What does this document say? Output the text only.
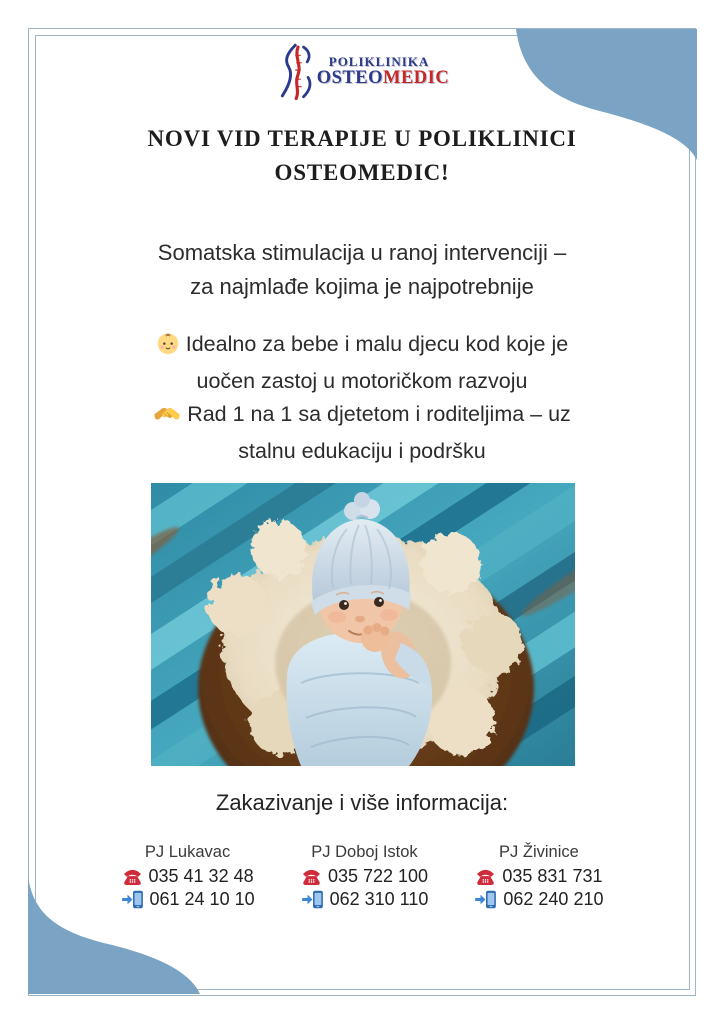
POLIKLINIKA
OSTEOMEDIC
NOVI VID TERAPIJE U POLIKLINICI
OSTEOMEDIC!
Somatska stimulacija u ranoj intervenciji –
za najmlađe kojima je najpotrebnije
Idealno za bebe i malu djecu kod koje je
uočen zastoj u motoričkom razvoju
Rad 1 na 1 sa djetetom i roditeljima – uz
stalnu edukaciju i podršku
Zakazivanje i više informacija:
PJ Lukavac
035 41 32 48
061 24 10 10
PJ Doboj Istok
035 722 100
062 310 110
PJ Živinice
035 831 731
062 240 210
